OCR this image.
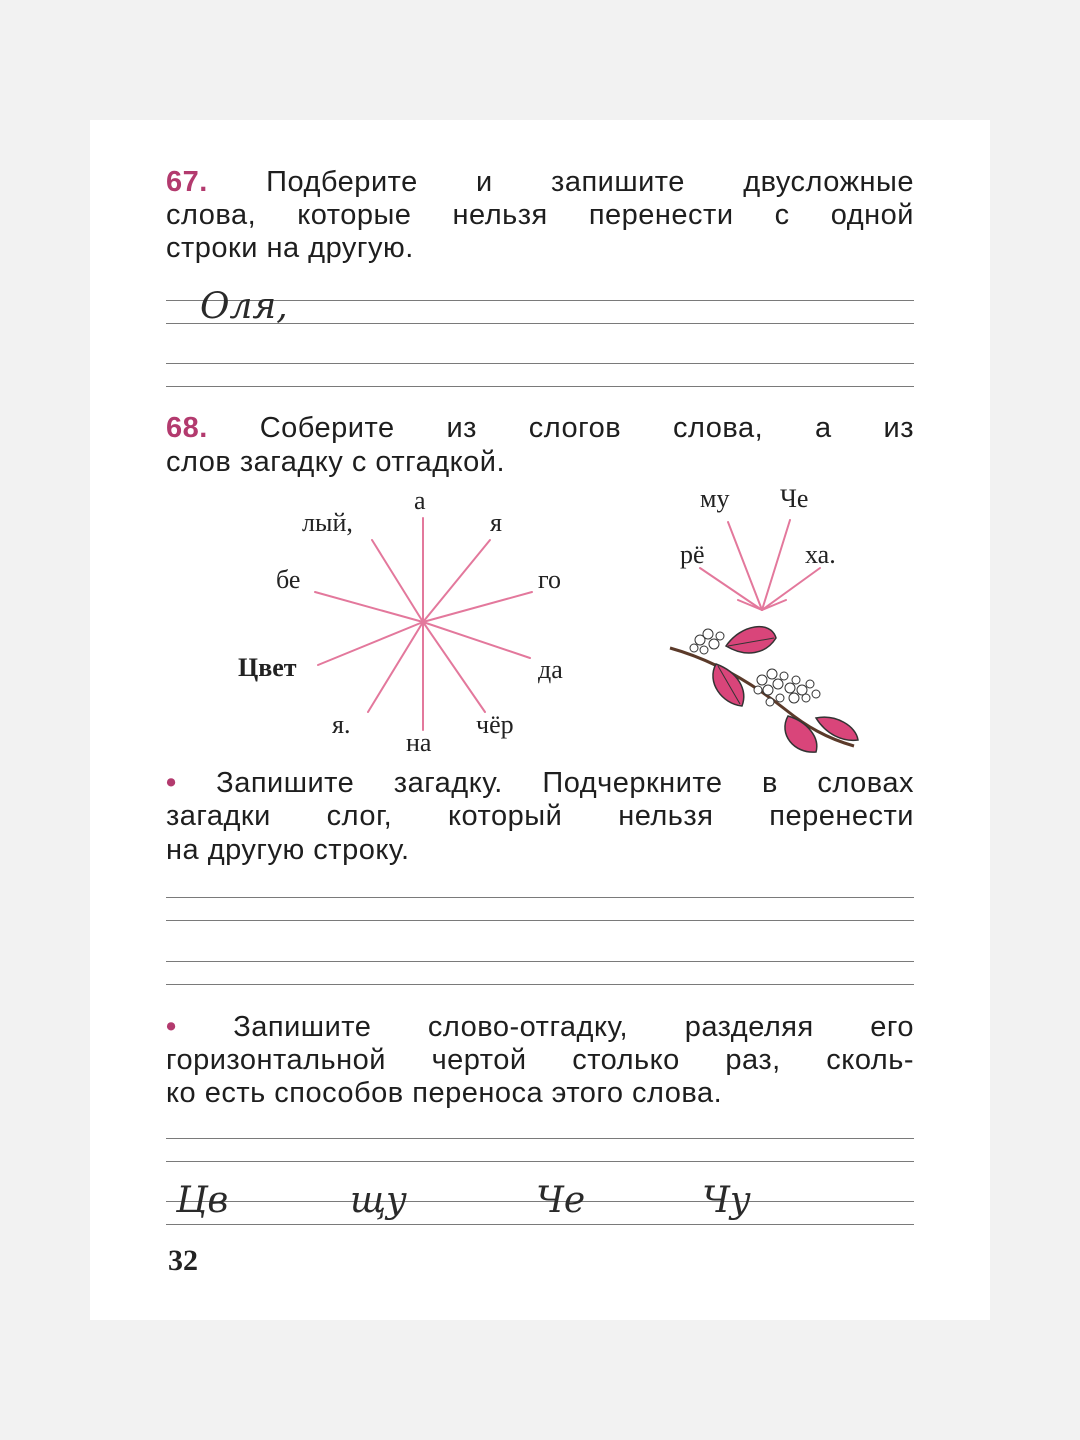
67. Подберите и запишите двусложные
слова, которые нельзя перенести с одной
строки на другую.
Оля,
68. Соберите из слогов слова, а из
слов загадку с отгадкой.
а
лый,	я
бе	го
Цвет	да
я.
на
чёр
му Че
рё	ха.
• Запишите загадку. Подчеркните в словах
загадки слог, который нельзя перенести
на другую строку.
• Запишите слово-отгадку, разделяя его
горизонтальной чертой столько раз, сколь-
ко есть способов переноса этого слова.
Цв	щу	Че	Чу
32
